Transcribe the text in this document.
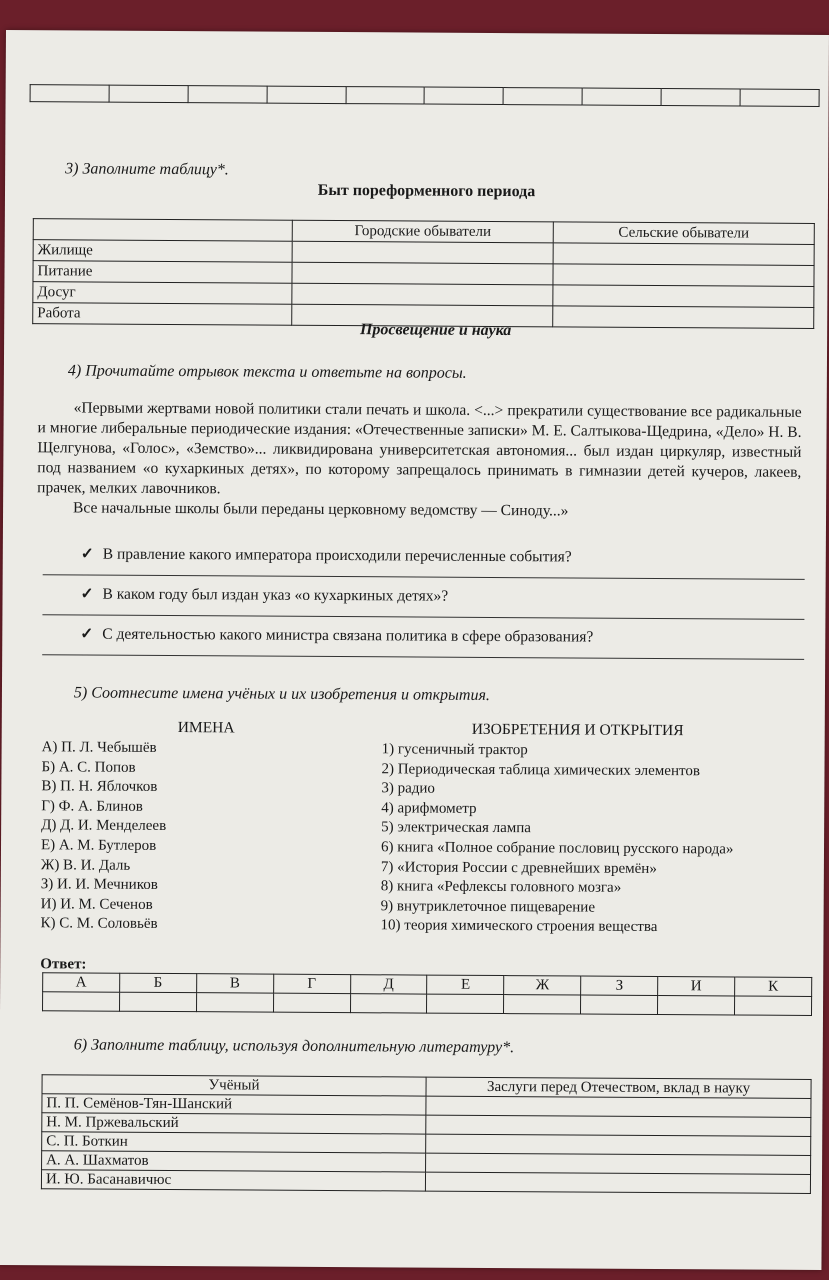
3) Заполните таблицу*.
Быт пореформенного периода
	Городские обыватели	Сельские обыватели
Жилище		
Питание		
Досуг		
Работа		
Просвещение и наука
4) Прочитайте отрывок текста и ответьте на вопросы.

«Первыми жертвами новой политики стали печать и школа. <...> прекратили существование все радикальные и многие либеральные периодические издания: «Отечественные записки» М. Е. Салтыкова-Щедрина, «Дело» Н. В. Щелгунова, «Голос», «Земство»... ликвидирована университетская автономия... был издан циркуляр, известный под названием «о кухаркиных детях», по которому запрещалось принимать в гимназии детей кучеров, лакеев, прачек, мелких лавочников.

Все начальные школы были переданы церковному ведомству — Синоду...»

✓ В правление какого императора происходили перечисленные события?
✓ В каком году был издан указ «о кухаркиных детях»?
✓ С деятельностью какого министра связана политика в сфере образования?
5) Соотнесите имена учёных и их изобретения и открытия.
ИМЕНА	ИЗОБРЕТЕНИЯ И ОТКРЫТИЯ
А) П. Л. Чебышёв
Б) А. С. Попов
В) П. Н. Яблочков
Г) Ф. А. Блинов
Д) Д. И. Менделеев
Е) А. М. Бутлеров
Ж) В. И. Даль
З) И. И. Мечников
И) И. М. Сеченов
К) С. М. Соловьёв
1) гусеничный трактор
2) Периодическая таблица химических элементов
3) радио
4) арифмометр
5) электрическая лампа
6) книга «Полное собрание пословиц русского народа»
7) «История России с древнейших времён»
8) книга «Рефлексы головного мозга»
9) внутриклеточное пищеварение
10) теория химического строения вещества
Ответ:
А	Б	В	Г	Д	Е	Ж	З	И	К

6) Заполните таблицу, используя дополнительную литературу*.
Учёный	Заслуги перед Отечеством, вклад в науку
П. П. Семёнов-Тян-Шанский	
Н. М. Пржевальский	
С. П. Боткин	
А. А. Шахматов	
И. Ю. Басанавичюс	
